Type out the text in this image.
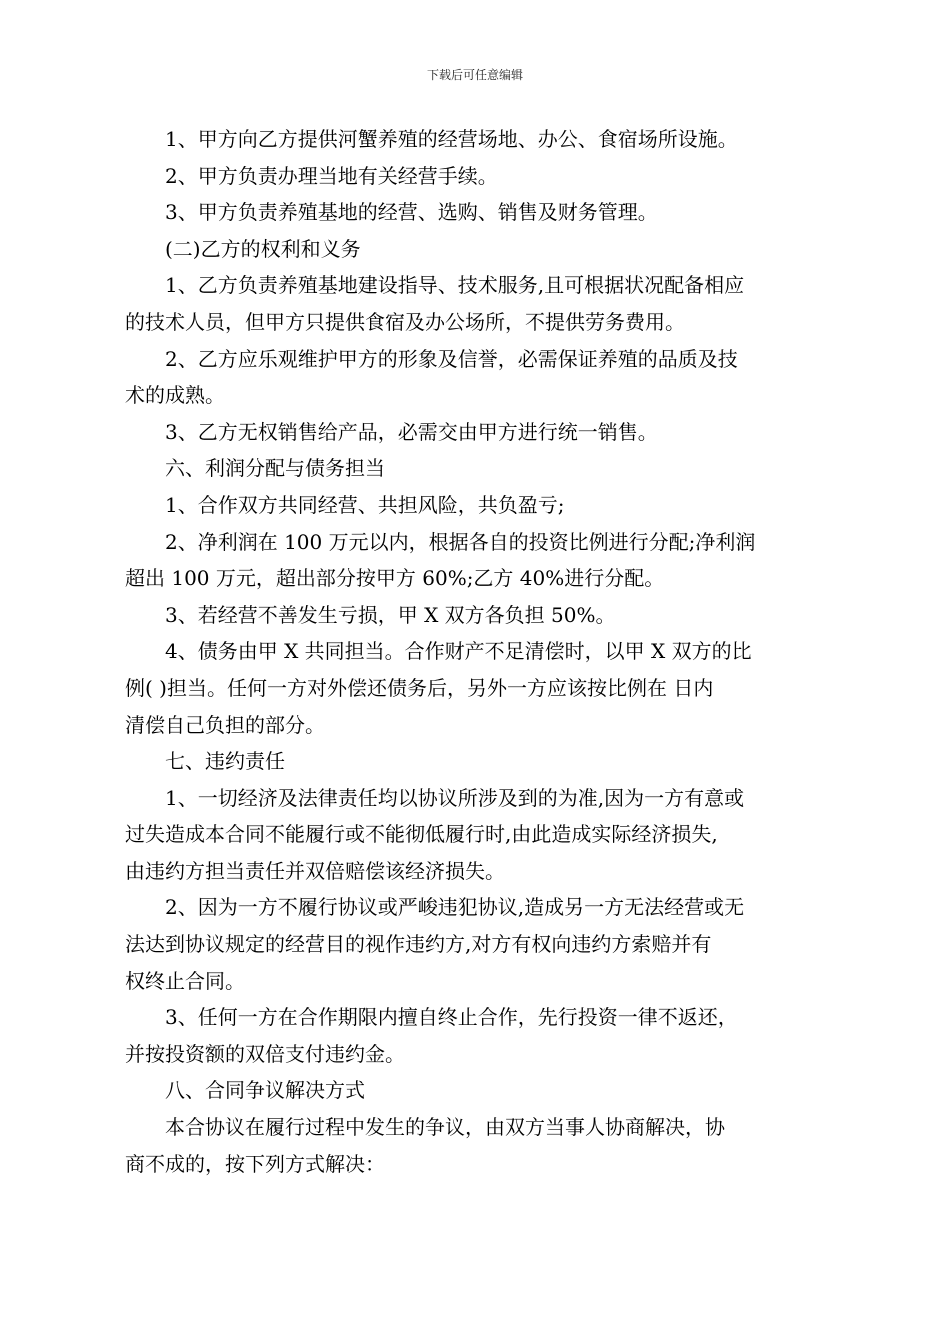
下载后可任意编辑
1、甲方向乙方提供河蟹养殖的经营场地、办公、食宿场所设施。
2、甲方负责办理当地有关经营手续。
3、甲方负责养殖基地的经营、选购、销售及财务管理。
(二)乙方的权利和义务
1、乙方负责养殖基地建设指导、技术服务,且可根据状况配备相应
的技术人员，但甲方只提供食宿及办公场所，不提供劳务费用。
2、乙方应乐观维护甲方的形象及信誉，必需保证养殖的品质及技
术的成熟。
3、乙方无权销售给产品，必需交由甲方进行统一销售。
六、利润分配与债务担当
1、合作双方共同经营、共担风险，共负盈亏;
2、净利润在 100 万元以内，根据各自的投资比例进行分配;净利润
超出 100 万元，超出部分按甲方 60%;乙方 40%进行分配。
3、若经营不善发生亏损，甲 X 双方各负担 50%。
4、债务由甲 X 共同担当。合作财产不足清偿时，以甲 X 双方的比
例( )担当。任何一方对外偿还债务后，另外一方应该按比例在 日内
清偿自己负担的部分。
七、违约责任
1、一切经济及法律责任均以协议所涉及到的为准,因为一方有意或
过失造成本合同不能履行或不能彻低履行时,由此造成实际经济损失,
由违约方担当责任并双倍赔偿该经济损失。
2、因为一方不履行协议或严峻违犯协议,造成另一方无法经营或无
法达到协议规定的经营目的视作违约方,对方有权向违约方索赔并有
权终止合同。
3、任何一方在合作期限内擅自终止合作，先行投资一律不返还，
并按投资额的双倍支付违约金。
八、合同争议解决方式
本合协议在履行过程中发生的争议，由双方当事人协商解决，协
商不成的，按下列方式解决：
